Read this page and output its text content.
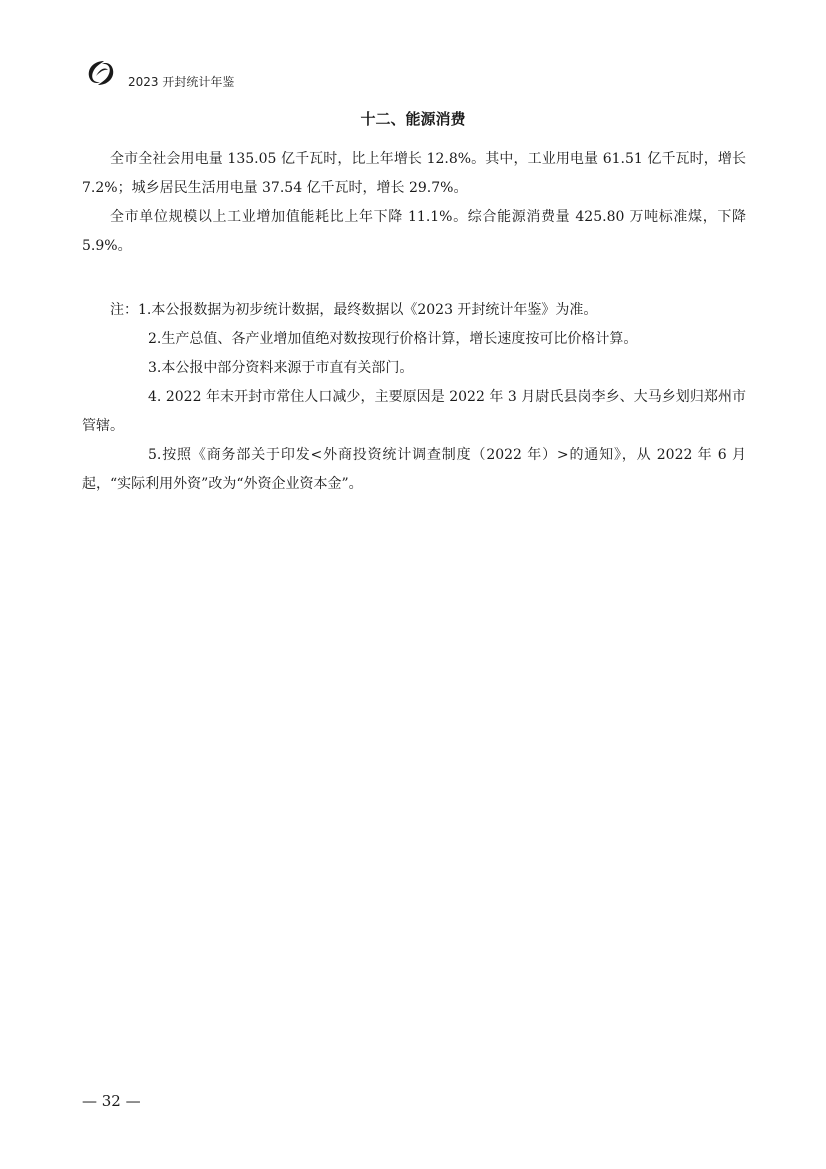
2023 开封统计年鉴
十二、能源消费

全市全社会用电量 135.05 亿千瓦时，比上年增长 12.8%。其中，工业用电量 61.51 亿千瓦时，增长 7.2%；城乡居民生活用电量 37.54 亿千瓦时，增长 29.7%。

全市单位规模以上工业增加值能耗比上年下降 11.1%。综合能源消费量 425.80 万吨标准煤，下降 5.9%。

注：1.本公报数据为初步统计数据，最终数据以《2023 开封统计年鉴》为准。

2.生产总值、各产业增加值绝对数按现行价格计算，增长速度按可比价格计算。

3.本公报中部分资料来源于市直有关部门。

4. 2022 年末开封市常住人口减少，主要原因是 2022 年 3 月尉氏县岗李乡、大马乡划归郑州市管辖。

5.按照《商务部关于印发<外商投资统计调查制度（2022 年）>的通知》，从 2022 年 6 月起，“实际利用外资”改为“外资企业资本金”。

— 32 —
